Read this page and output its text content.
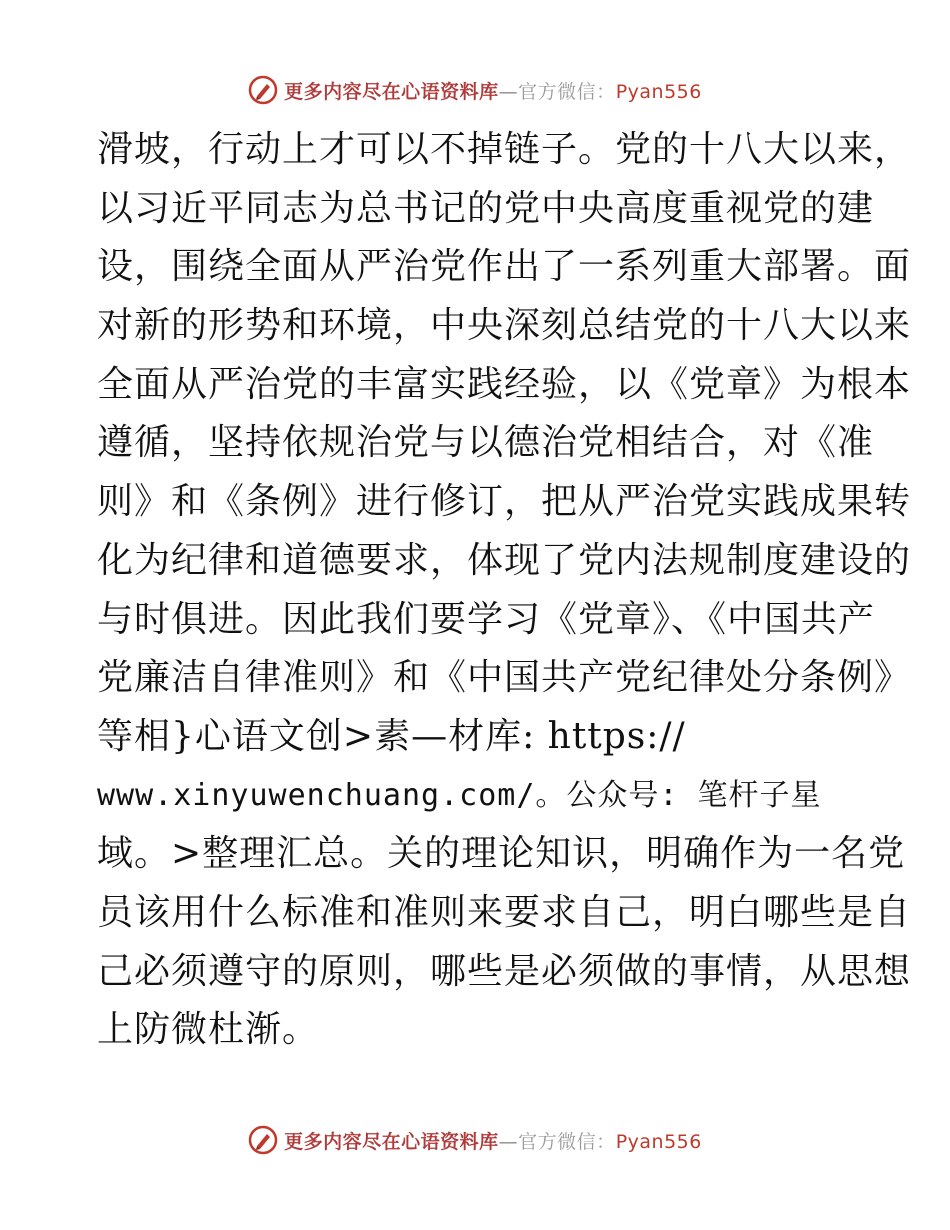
更多内容尽在心语资料库—官方微信：Pyan556
滑坡，行动上才可以不掉链子。党的十八大以来，
以习近平同志为总书记的党中央高度重视党的建
设，围绕全面从严治党作出了一系列重大部署。面
对新的形势和环境，中央深刻总结党的十八大以来
全面从严治党的丰富实践经验，以《党章》为根本
遵循，坚持依规治党与以德治党相结合，对《准
则》和《条例》进行修订，把从严治党实践成果转
化为纪律和道德要求，体现了党内法规制度建设的
与时俱进。因此我们要学习《党章》、《中国共产
党廉洁自律准则》和《中国共产党纪律处分条例》
等相}心语文创>素—材库: https://
www.xinyuwenchuang.com/。公众号: 笔杆子星
域。>整理汇总。关的理论知识，明确作为一名党
员该用什么标准和准则来要求自己，明白哪些是自
己必须遵守的原则，哪些是必须做的事情，从思想
上防微杜渐。
更多内容尽在心语资料库—官方微信：Pyan556
